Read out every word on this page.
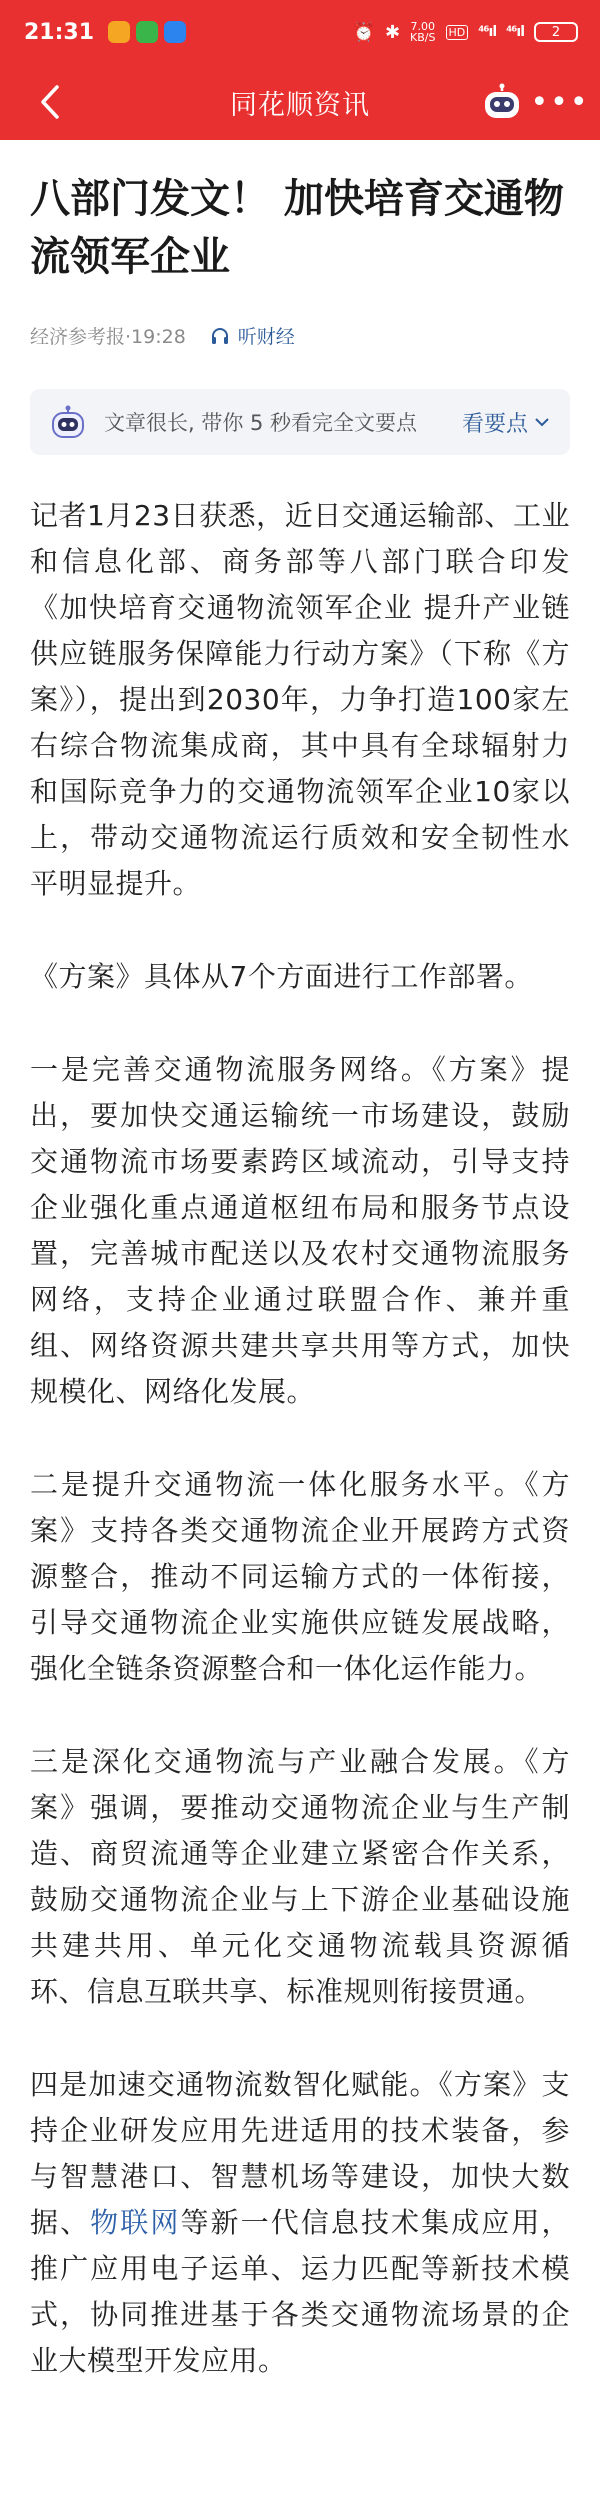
21:31	⏰ ✱ 7.00
KB/S HD ⁴⁶ıl ⁴⁶ıl 2
同花顺资讯	•••
八部门发文！ 加快培育交通物流领军企业
经济参考报·19:28	听财经
文章很长, 带你 5 秒看完全文要点	看要点

记者1月23日获悉，近日交通运输部、工业和信息化部、商务部等八部门联合印发《加快培育交通物流领军企业 提升产业链供应链服务保障能力行动方案》（下称《方案》），提出到2030年，力争打造100家左右综合物流集成商，其中具有全球辐射力和国际竞争力的交通物流领军企业10家以上，带动交通物流运行质效和安全韧性水平明显提升。

《方案》具体从7个方面进行工作部署。

一是完善交通物流服务网络。《方案》提出，要加快交通运输统一市场建设，鼓励交通物流市场要素跨区域流动，引导支持企业强化重点通道枢纽布局和服务节点设置，完善城市配送以及农村交通物流服务网络，支持企业通过联盟合作、兼并重组、网络资源共建共享共用等方式，加快规模化、网络化发展。

二是提升交通物流一体化服务水平。《方案》支持各类交通物流企业开展跨方式资源整合，推动不同运输方式的一体衔接，引导交通物流企业实施供应链发展战略，强化全链条资源整合和一体化运作能力。

三是深化交通物流与产业融合发展。《方案》强调，要推动交通物流企业与生产制造、商贸流通等企业建立紧密合作关系，鼓励交通物流企业与上下游企业基础设施共建共用、单元化交通物流载具资源循环、信息互联共享、标准规则衔接贯通。

四是加速交通物流数智化赋能。《方案》支持企业研发应用先进适用的技术装备，参与智慧港口、智慧机场等建设，加快大数据、物联网等新一代信息技术集成应用，推广应用电子运单、运力匹配等新技术模式，协同推进基于各类交通物流场景的企业大模型开发应用。
